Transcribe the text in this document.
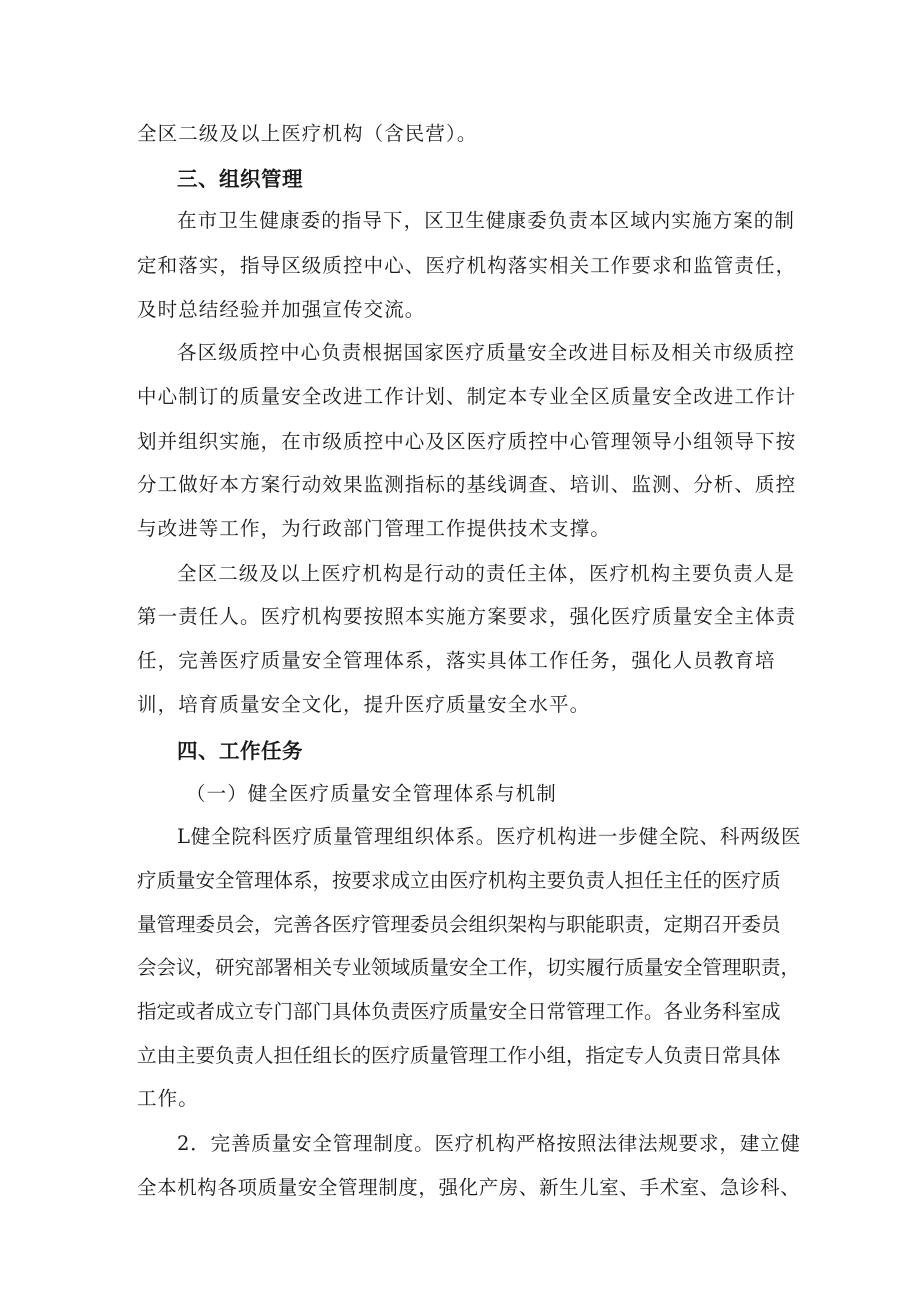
全区二级及以上医疗机构（含民营）。

三、组织管理

在市卫生健康委的指导下，区卫生健康委负责本区域内实施方案的制

定和落实，指导区级质控中心、医疗机构落实相关工作要求和监管责任，

及时总结经验并加强宣传交流。

各区级质控中心负责根据国家医疗质量安全改进目标及相关市级质控

中心制订的质量安全改进工作计划、制定本专业全区质量安全改进工作计

划并组织实施，在市级质控中心及区医疗质控中心管理领导小组领导下按

分工做好本方案行动效果监测指标的基线调查、培训、监测、分析、质控

与改进等工作，为行政部门管理工作提供技术支撑。

全区二级及以上医疗机构是行动的责任主体，医疗机构主要负责人是

第一责任人。医疗机构要按照本实施方案要求，强化医疗质量安全主体责

任，完善医疗质量安全管理体系，落实具体工作任务，强化人员教育培

训，培育质量安全文化，提升医疗质量安全水平。

四、工作任务

（一）健全医疗质量安全管理体系与机制

L健全院科医疗质量管理组织体系。医疗机构进一步健全院、科两级医

疗质量安全管理体系，按要求成立由医疗机构主要负责人担任主任的医疗质

量管理委员会，完善各医疗管理委员会组织架构与职能职责，定期召开委员

会会议，研究部署相关专业领域质量安全工作，切实履行质量安全管理职责，

指定或者成立专门部门具体负责医疗质量安全日常管理工作。各业务科室成

立由主要负责人担任组长的医疗质量管理工作小组，指定专人负责日常具体

工作。

2．完善质量安全管理制度。医疗机构严格按照法律法规要求，建立健

全本机构各项质量安全管理制度，强化产房、新生儿室、手术室、急诊科、
